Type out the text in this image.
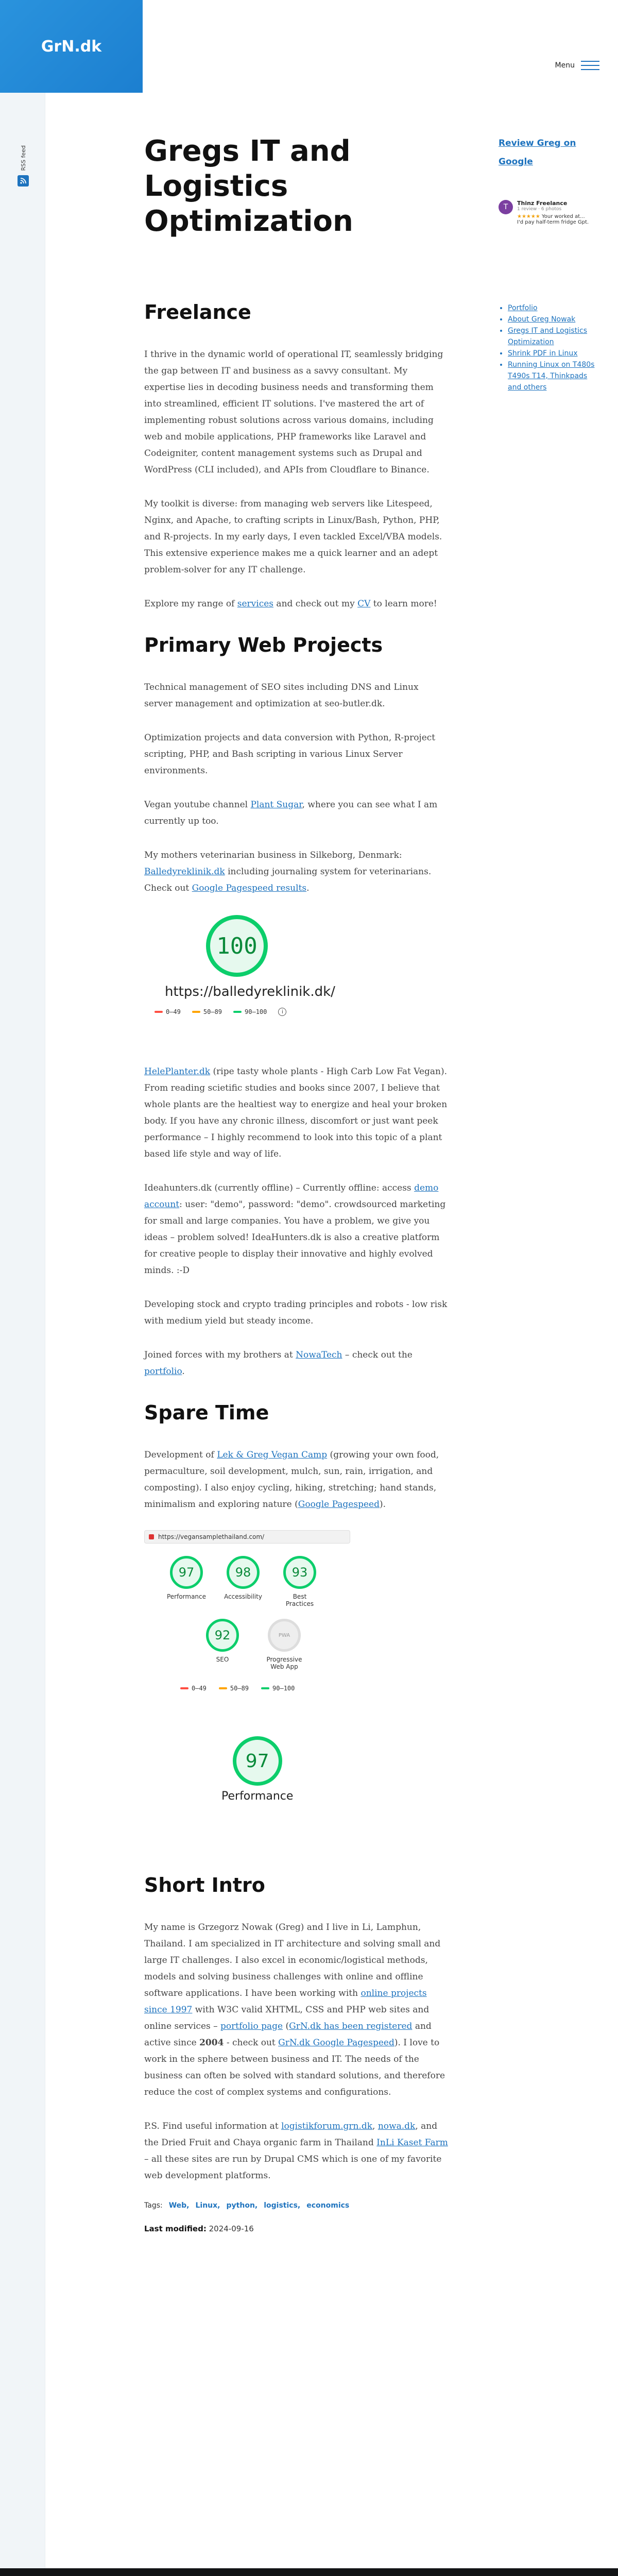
GrN.dk
RSS feed
Menu
Gregs IT and Logistics Optimization
Freelance

I thrive in the dynamic world of operational IT, seamlessly bridging the gap between IT and business as a savvy consultant. My expertise lies in decoding business needs and transforming them into streamlined, efficient IT solutions. I've mastered the art of implementing robust solutions across various domains, including web and mobile applications, PHP frameworks like Laravel and Codeigniter, content management systems such as Drupal and WordPress (CLI included), and APIs from Cloudflare to Binance.

My toolkit is diverse: from managing web servers like Litespeed, Nginx, and Apache, to crafting scripts in Linux/Bash, Python, PHP, and R-projects. In my early days, I even tackled Excel/VBA models. This extensive experience makes me a quick learner and an adept problem-solver for any IT challenge.

Explore my range of services and check out my CV to learn more!

Primary Web Projects

Technical management of SEO sites including DNS and Linux server management and optimization at seo-butler.dk.

Optimization projects and data conversion with Python, R-project scripting, PHP, and Bash scripting in various Linux Server environments.

Vegan youtube channel Plant Sugar, where you can see what I am currently up too.

My mothers veterinarian business in Silkeborg, Denmark: Balledyreklinik.dk including journaling system for veterinarians. Check out Google Pagespeed results.

100
https://balledyreklinik.dk/
0–49	50–89	90–100	i

HelePlanter.dk (ripe tasty whole plants - High Carb Low Fat Vegan). From reading scietific studies and books since 2007, I believe that whole plants are the healtiest way to energize and heal your broken body. If you have any chronic illness, discomfort or just want peek performance – I highly recommend to look into this topic of a plant based life style and way of life.

Ideahunters.dk (currently offline) – Currently offline: access demo account: user: "demo", password: "demo". crowdsourced marketing for small and large companies. You have a problem, we give you ideas – problem solved! IdeaHunters.dk is also a creative platform for creative people to display their innovative and highly evolved minds. :-D

Developing stock and crypto trading principles and robots - low risk with medium yield but steady income.

Joined forces with my brothers at NowaTech – check out the portfolio.

Spare Time

Development of Lek & Greg Vegan Camp (growing your own food, permaculture, soil development, mulch, sun, rain, irrigation, and composting). I also enjoy cycling, hiking, stretching; hand stands, minimalism and exploring nature (Google Pagespeed).

https://vegansamplethailand.com/
97
Performance
98
Accessibility
93
Best Practices
92
SEO
PWA
Progressive Web App
0–49	50–89	90–100
97
Performance
Short Intro

My name is Grzegorz Nowak (Greg) and I live in Li, Lamphun, Thailand. I am specialized in IT architecture and solving small and large IT challenges. I also excel in economic/logistical methods, models and solving business challenges with online and offline software applications. I have been working with online projects since 1997 with W3C valid XHTML, CSS and PHP web sites and online services – portfolio page (GrN.dk has been registered and active since 2004 - check out GrN.dk Google Pagespeed). I love to work in the sphere between business and IT. The needs of the business can often be solved with standard solutions, and therefore reduce the cost of complex systems and configurations.

P.S. Find useful information at logistikforum.grn.dk, nowa.dk, and the Dried Fruit and Chaya organic farm in Thailand InLi Kaset Farm – all these sites are run by Drupal CMS which is one of my favorite web development platforms.

Tags: Web, Linux, python, logistics, economics
Last modified: 2024-09-16
Review Greg on Google
T	Thinz Freelance
1 review · 6 photos
★★★★★ Your worked at...
I'd pay half-term fridge Gpt.
• Portfolio
• About Greg Nowak
• Gregs IT and Logistics Optimization
• Shrink PDF in Linux
• Running Linux on T480s T490s T14, Thinkpads and others
